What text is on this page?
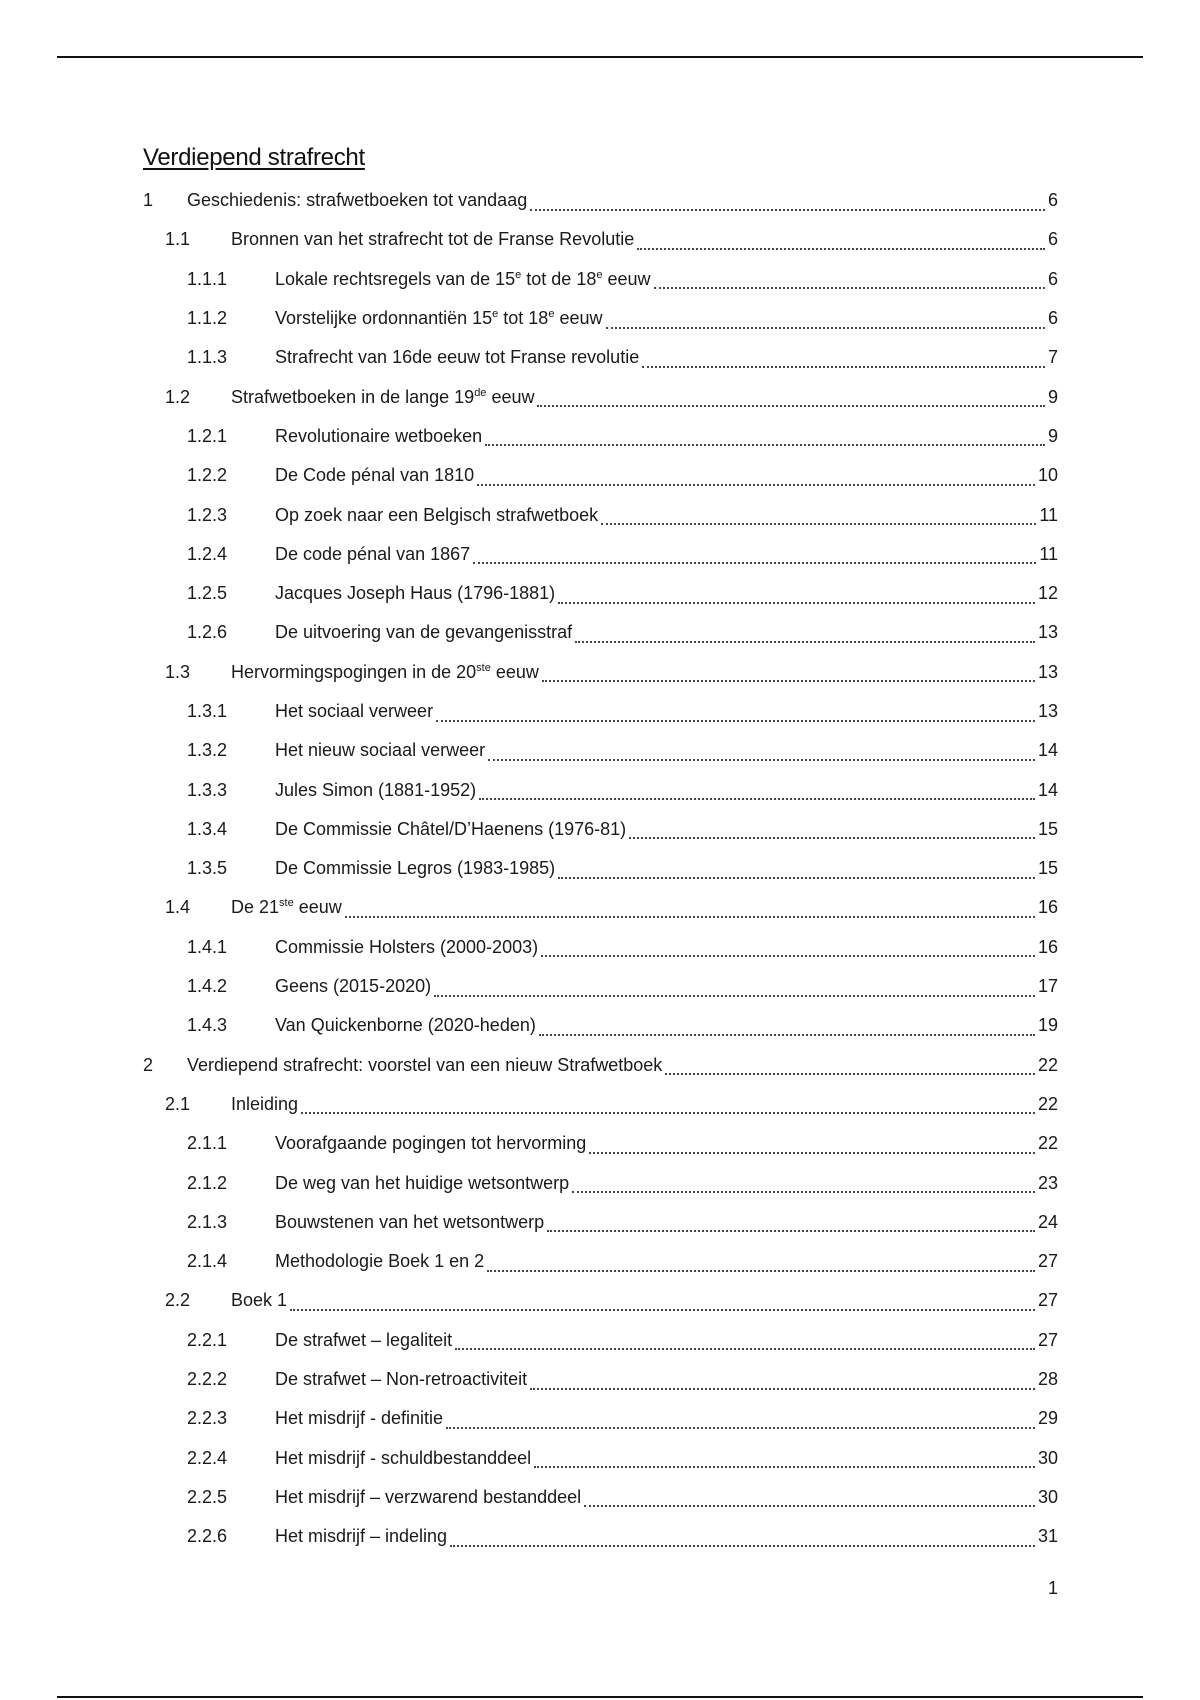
Verdiepend strafrecht
1	Geschiedenis: strafwetboeken tot vandaag	6
1.1	Bronnen van het strafrecht tot de Franse Revolutie	6
1.1.1	Lokale rechtsregels van de 15e tot de 18e eeuw	6
1.1.2	Vorstelijke ordonnantiën 15e tot 18e eeuw	6
1.1.3	Strafrecht van 16de eeuw tot Franse revolutie	7
1.2	Strafwetboeken in de lange 19de eeuw	9
1.2.1	Revolutionaire wetboeken	9
1.2.2	De Code pénal van 1810	10
1.2.3	Op zoek naar een Belgisch strafwetboek	11
1.2.4	De code pénal van 1867	11
1.2.5	Jacques Joseph Haus (1796-1881)	12
1.2.6	De uitvoering van de gevangenisstraf	13
1.3	Hervormingspogingen in de 20ste eeuw	13
1.3.1	Het sociaal verweer	13
1.3.2	Het nieuw sociaal verweer	14
1.3.3	Jules Simon (1881-1952)	14
1.3.4	De Commissie Châtel/D’Haenens (1976-81)	15
1.3.5	De Commissie Legros (1983-1985)	15
1.4	De 21ste eeuw	16
1.4.1	Commissie Holsters (2000-2003)	16
1.4.2	Geens (2015-2020)	17
1.4.3	Van Quickenborne (2020-heden)	19
2	Verdiepend strafrecht: voorstel van een nieuw Strafwetboek	22
2.1	Inleiding	22
2.1.1	Voorafgaande pogingen tot hervorming	22
2.1.2	De weg van het huidige wetsontwerp	23
2.1.3	Bouwstenen van het wetsontwerp	24
2.1.4	Methodologie Boek 1 en 2	27
2.2	Boek 1	27
2.2.1	De strafwet – legaliteit	27
2.2.2	De strafwet – Non-retroactiviteit	28
2.2.3	Het misdrijf - definitie	29
2.2.4	Het misdrijf - schuldbestanddeel	30
2.2.5	Het misdrijf – verzwarend bestanddeel	30
2.2.6	Het misdrijf – indeling	31
1
